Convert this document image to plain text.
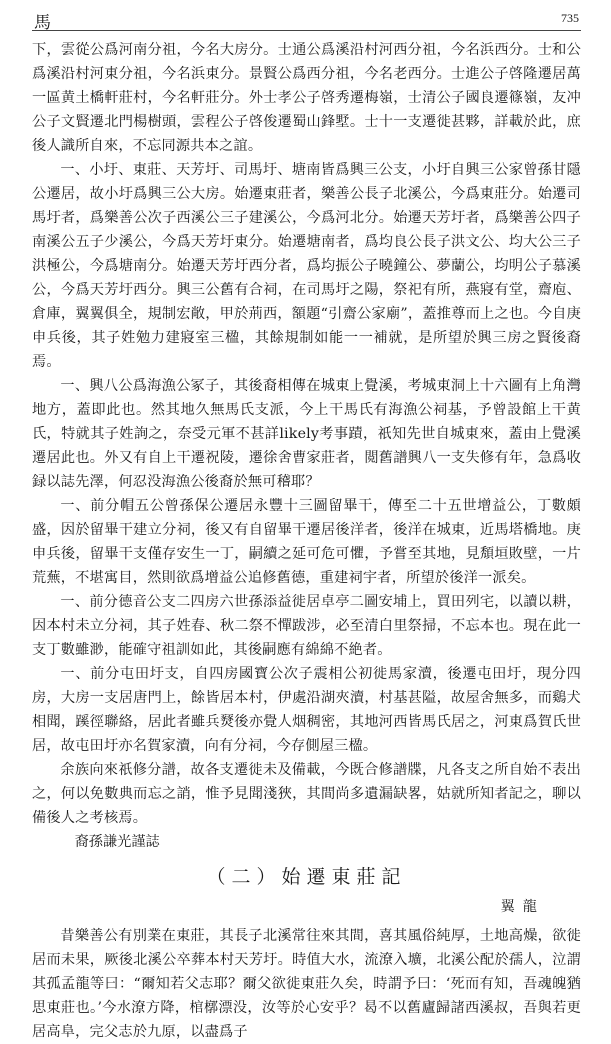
馬	735

下，雲從公爲河南分祖，今名大房分。士通公爲溪沿村河西分祖，今名浜西分。士和公爲溪沿村河東分祖，今名浜東分。景賢公爲西分祖，今名老西分。士進公子啓隆遷居萬一區黄土橋軒莊村，今名軒莊分。外士孝公子啓秀遷梅嶺，士清公子國良遷篠嶺，友冲公子文賢遷北門楊樹頭，雲程公子啓俊遷蜀山鋒墅。士十一支遷徙甚夥，詳載於此，庶後人識所自來，不忘同源共本之誼。

一、小圩、東莊、天芳圩、司馬圩、塘南皆爲興三公支，小圩自興三公家曾孫甘隱公遷居，故小圩爲興三公大房。始遷東莊者，樂善公長子北溪公，今爲東莊分。始遷司馬圩者，爲樂善公次子西溪公三子建溪公，今爲河北分。始遷天芳圩者，爲樂善公四子南溪公五子少溪公，今爲天芳圩東分。始遷塘南者，爲均良公長子洪文公、均大公三子洪極公，今爲塘南分。始遷天芳圩西分者，爲均振公子曉鐘公、夢蘭公，均明公子慕溪公，今爲天芳圩西分。興三公舊有合祠，在司馬圩之陽，祭祀有所，燕寢有堂，齋庖、倉庫，翼翼俱全，規制宏敞，甲於荊西，額題“引齋公家廟”，蓋推尊而上之也。今自庚申兵後，其子姓勉力建寢室三楹，其餘規制如能一一補就，是所望於興三房之賢後裔焉。

一、興八公爲海漁公冢子，其後裔相傳在城東上覺溪，考城東洞上十六圖有上角灣地方，蓋即此也。然其地久無馬氏支派，今上干馬氏有海漁公祠基，予曾設館上干黄氏，特就其子姓詢之，奈受元軍不甚詳likely考事蹟，祇知先世自城東來，蓋由上覺溪遷居此也。外又有自上干遷祝陵，遷徐舍曹家莊者，閲舊譜興八一支失修有年，急爲收録以誌先澤，何忍没海漁公後裔於無可稽耶？

一、前分帽五公曾孫保公遷居永豐十三圖留畢干，傳至二十五世增益公，丁數頗盛，因於留畢干建立分祠，後又有自留畢干遷居後洋者，後洋在城東，近馬塔橋地。庚申兵後，留畢干支僅存安生一丁，嗣續之延可危可懼，予嘗至其地，見頽垣敗壁，一片荒蕪，不堪寓目，然則欲爲增益公追修舊德，重建祠宇者，所望於後洋一派矣。

一、前分德音公支二四房六世孫添益徙居卓亭二圖安埔上，買田列宅，以讀以耕，因本村未立分祠，其子姓春、秋二祭不憚跋涉，必至清白里祭掃，不忘本也。現在此一支丁數雖渺，能確守祖訓如此，其後嗣應有綿綿不絶者。

一、前分屯田圩支，自四房國寶公次子震相公初徙馬家瀆，後遷屯田圩，現分四房，大房一支居唐門上，餘皆居本村，伊處沿湖夾瀆，村基甚隘，故屋舍無多，而鷄犬相聞，蹊徑聯絡，居此者雖兵燹後亦覺人烟稠密，其地河西皆馬氏居之，河東爲賀氏世居，故屯田圩亦名賀家瀆，向有分祠，今存側屋三楹。

余族向來祇修分譜，故各支遷徙未及備載，今既合修譜牒，凡各支之所自始不表出之，何以免數典而忘之誚，惟予見聞淺狹，其間尚多遺漏缺畧，姑就所知者記之，聊以備後人之考核焉。

裔孫謙光謹誌

（二）始遷東莊記

翼龍

昔樂善公有別業在東莊，其長子北溪常往來其間，喜其風俗純厚，土地高燥，欲徙居而未果，厥後北溪公卒葬本村天芳圩。時值大水，流潦入壙，北溪公配於孺人，泣謂其孤孟龍等曰：“爾知若父志耶？爾父欲徙東莊久矣，時謂予曰：‘死而有知，吾魂魄猶思東莊也。’今水潦方降，棺槨漂没，汝等於心安乎？曷不以舊廬歸諸西溪叔，吾與若更居高阜，完父志於九原，以盡爲子
